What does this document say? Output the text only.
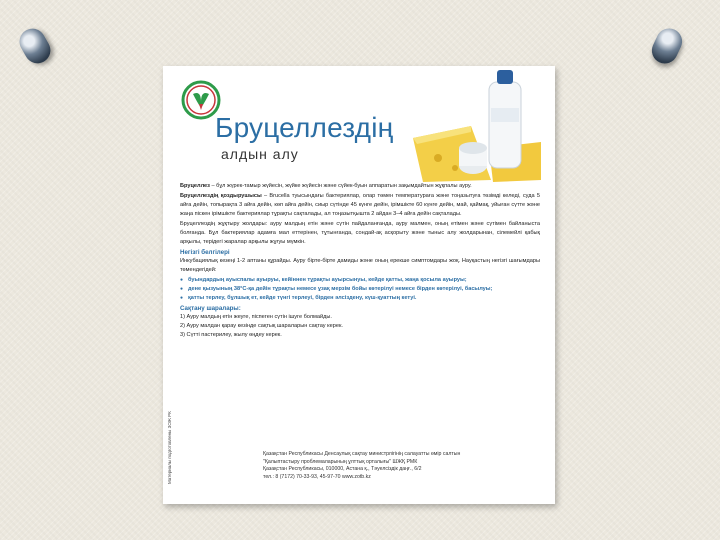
Бруцеллездің
алдын алу

Бруцеллез – бұл жүрек-тамыр жүйесін, жүйке жүйесін және сүйек-буын аппаратын зақымдайтын жұқпалы ауру.

Бруцеллездің қоздырушысы – Brucella туысындағы бактериялар, олар төмен температураға және тоңазытуға төзімді келеді, суда 5 айға дейін, топырақта 3 айға дейін, көп айға дейін, сиыр сүтінде 45 күнге дейін, ірімшікте 60 күнге дейін, май, қаймақ, уйыған сүтте және жаңа піскен ірімшікте бактериялар тұрақты сақталады, ал тоңазытқышта 2 айдан 3–4 айға дейін сақталады.

Бруцеллездің жұқтыру жолдары: ауру малдың етін және сүтін пайдаланғанда, ауру малмен, оның етімен және сүтімен байланыста болғанда. Бұл бактериялар адамға мал еттерінен, тұтынғанда, сондай-ақ асқорыту және тыныс алу жолдарынан, сілемейлі қабық арқылы, терідегі жаралар арқылы жұғуы мүмкін.

Негізгі белгілері

Инкубациялық кезеңі 1-2 аптаны құрайды. Ауру бірте-бірте дамиды және оның ерекше симптомдары жоқ. Науқастың негізгі шағымдары төмендегідей:

● буындардың ауыспалы ауыруы, кейіннен тұрақты ауырсынуы, кейде қатты, жаңа қосыла ауыруы;
● дене қызуының 38°С-қа дейін тұрақты немесе ұзақ мерзім бойы көтерілуі немесе бірден көтерілуі, басылуы;
● қатты терлеу, бұлшық ет, кейде түнгі терлеуі, бірден әлсіздену, күш-қуаттың кетуі.
Сақтану шаралары:
1) Ауру малдың етін жеуге, піспеген сүтін ішуге болмайды.
2) Ауру малдан қарау кезінде сақтық шараларын сақтау керек.
3) Сүтті пастерилеу, жылу өңдеу керек.
Материалы подготовлены ЗОЖ РК	Қазақстан Республикасы Денсаулық сақтау министрлігінің салауатты өмір салтын
"Қалыптастыру проблемаларының ұлттық орталығы" ШЖҚ РМК
Қазақстан Республикасы, 010000, Астана қ., Тәуелсіздік даңғ., 6/2
тел.: 8 (7172) 70-33-93, 45-97-70 www.zotb.kz
